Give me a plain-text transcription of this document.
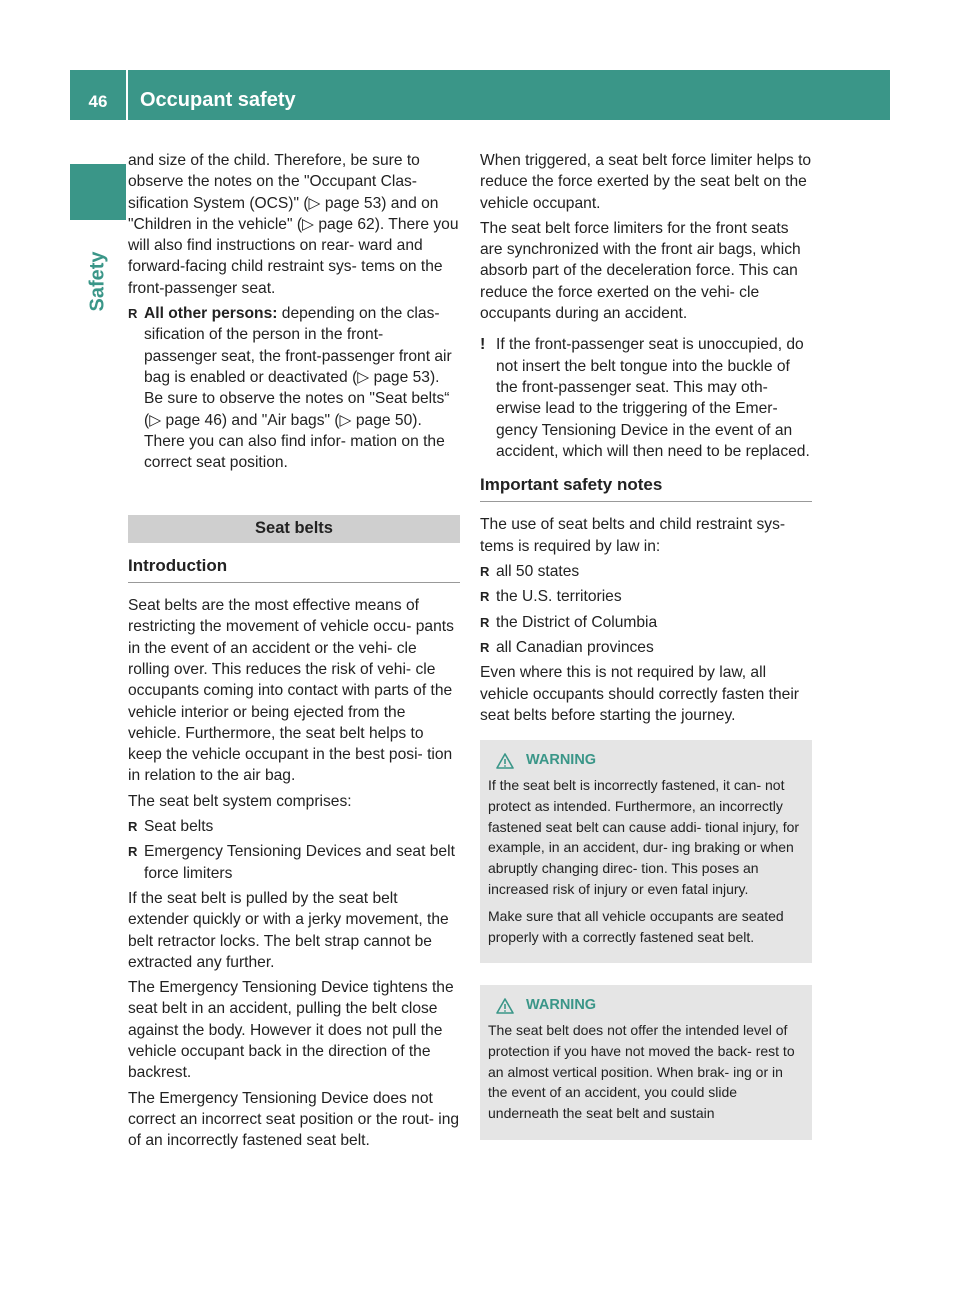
46 Occupant safety
Safety

and size of the child. Therefore, be sure to observe the notes on the "Occupant Clas- sification System (OCS)" (▷ page 53) and on "Children in the vehicle" (▷ page 62). There you will also find instructions on rear- ward and forward-facing child restraint sys- tems on the front-passenger seat.

R All other persons: depending on the clas- sification of the person in the front- passenger seat, the front-passenger front air bag is enabled or deactivated (▷ page 53). Be sure to observe the notes on "Seat belts“ (▷ page 46) and "Air bags" (▷ page 50). There you can also find infor- mation on the correct seat position.
Seat belts
Introduction

Seat belts are the most effective means of restricting the movement of vehicle occu- pants in the event of an accident or the vehi- cle rolling over. This reduces the risk of vehi- cle occupants coming into contact with parts of the vehicle interior or being ejected from the vehicle. Furthermore, the seat belt helps to keep the vehicle occupant in the best posi- tion in relation to the air bag.

The seat belt system comprises:

R Seat belts
R Emergency Tensioning Devices and seat belt force limiters

If the seat belt is pulled by the seat belt extender quickly or with a jerky movement, the belt retractor locks. The belt strap cannot be extracted any further.

The Emergency Tensioning Device tightens the seat belt in an accident, pulling the belt close against the body. However it does not pull the vehicle occupant back in the direction of the backrest.

The Emergency Tensioning Device does not correct an incorrect seat position or the rout- ing of an incorrectly fastened seat belt.

When triggered, a seat belt force limiter helps to reduce the force exerted by the seat belt on the vehicle occupant.

The seat belt force limiters for the front seats are synchronized with the front air bags, which absorb part of the deceleration force. This can reduce the force exerted on the vehi- cle occupants during an accident.

! If the front-passenger seat is unoccupied, do not insert the belt tongue into the buckle of the front-passenger seat. This may oth- erwise lead to the triggering of the Emer- gency Tensioning Device in the event of an accident, which will then need to be replaced.
Important safety notes

The use of seat belts and child restraint sys- tems is required by law in:

R all 50 states
R the U.S. territories
R the District of Columbia
R all Canadian provinces

Even where this is not required by law, all vehicle occupants should correctly fasten their seat belts before starting the journey.

WARNING

If the seat belt is incorrectly fastened, it can- not protect as intended. Furthermore, an incorrectly fastened seat belt can cause addi- tional injury, for example, in an accident, dur- ing braking or when abruptly changing direc- tion. This poses an increased risk of injury or even fatal injury.

Make sure that all vehicle occupants are seated properly with a correctly fastened seat belt.

WARNING

The seat belt does not offer the intended level of protection if you have not moved the back- rest to an almost vertical position. When brak- ing or in the event of an accident, you could slide underneath the seat belt and sustain
